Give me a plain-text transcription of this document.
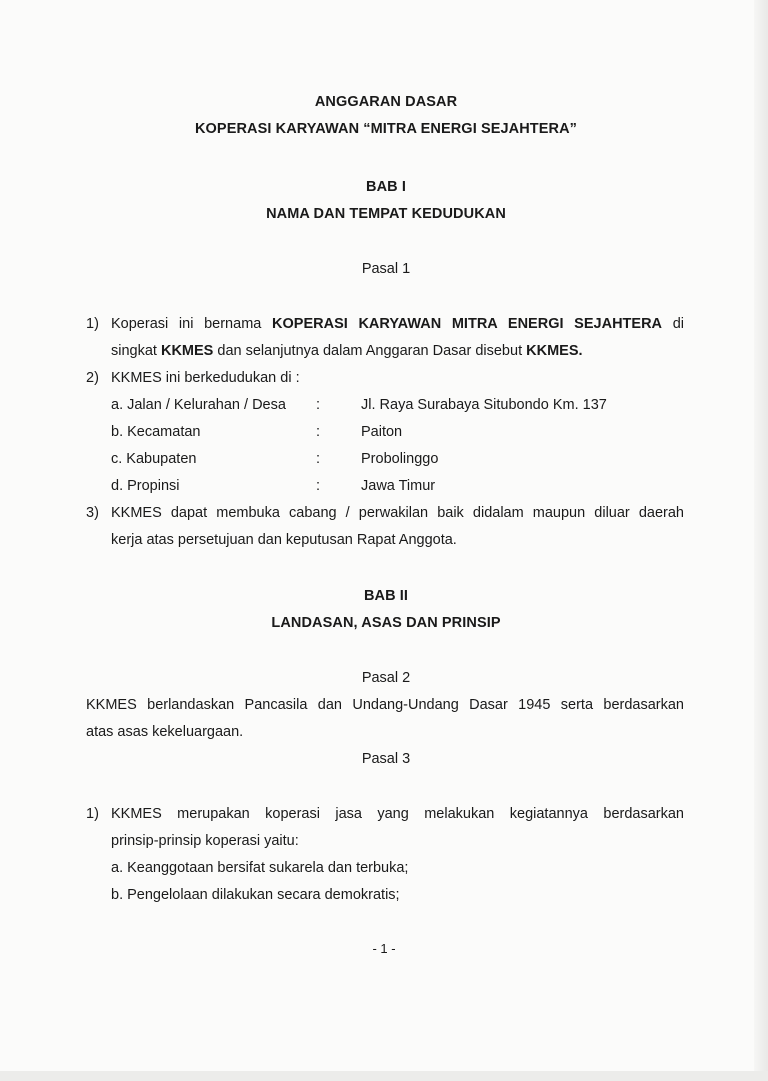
ANGGARAN DASAR
KOPERASI KARYAWAN “MITRA ENERGI SEJAHTERA”
BAB I
NAMA DAN TEMPAT KEDUDUKAN
Pasal 1
1) Koperasi ini bernama KOPERASI KARYAWAN MITRA ENERGI SEJAHTERA di
singkat KKMES dan selanjutnya dalam Anggaran Dasar disebut KKMES.
2) KKMES ini berkedudukan di :
a. Jalan / Kelurahan / Desa :	Jl. Raya Surabaya Situbondo Km. 137
b. Kecamatan	:	Paiton
c. Kabupaten	:	Probolinggo
d. Propinsi	:	Jawa Timur
3) KKMES dapat membuka cabang / perwakilan baik didalam maupun diluar daerah
kerja atas persetujuan dan keputusan Rapat Anggota.
BAB II
LANDASAN, ASAS DAN PRINSIP
Pasal 2
KKMES berlandaskan Pancasila dan Undang-Undang Dasar 1945 serta berdasarkan
atas asas kekeluargaan.
Pasal 3
1) KKMES merupakan koperasi jasa yang melakukan kegiatannya berdasarkan
prinsip-prinsip koperasi yaitu:
a. Keanggotaan bersifat sukarela dan terbuka;
b. Pengelolaan dilakukan secara demokratis;
- 1 -
